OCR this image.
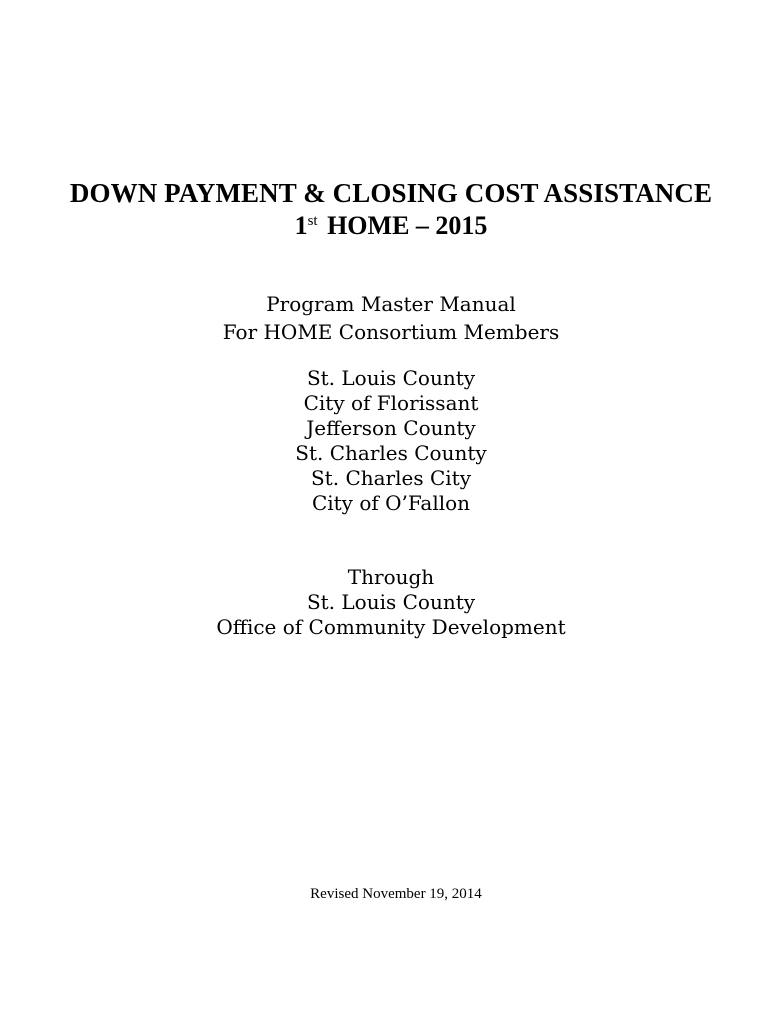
DOWN PAYMENT & CLOSING COST ASSISTANCE
1st HOME – 2015
Program Master Manual
For HOME Consortium Members
St. Louis County
City of Florissant
Jefferson County
St. Charles County
St. Charles City
City of O’Fallon
Through
St. Louis County
Office of Community Development
Revised November 19, 2014
